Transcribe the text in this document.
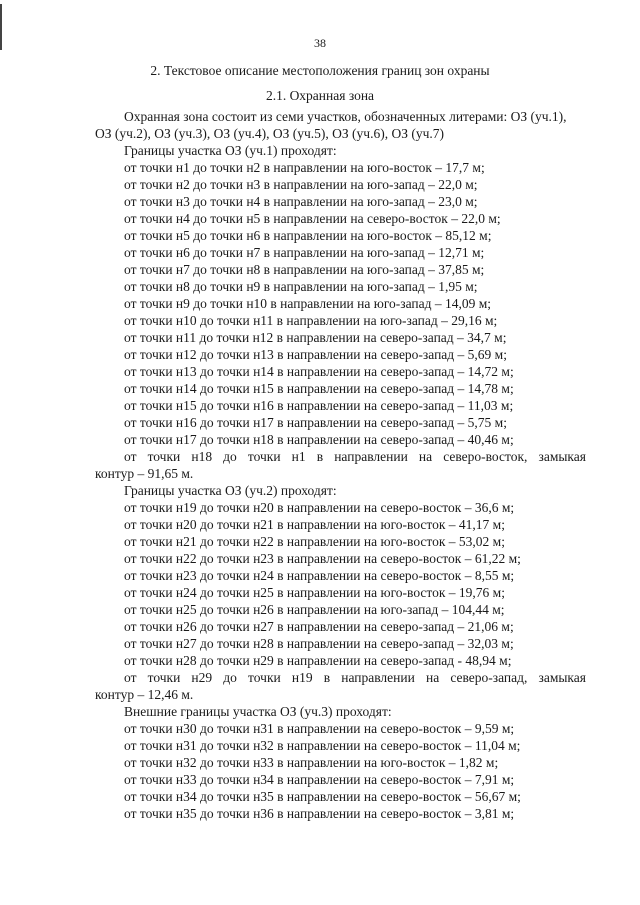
38
2. Текстовое описание местоположения границ зон охраны
2.1. Охранная зона
Охранная зона состоит из семи участков, обозначенных литерами: ОЗ (уч.1),
ОЗ (уч.2), ОЗ (уч.3), ОЗ (уч.4), ОЗ (уч.5), ОЗ (уч.6), ОЗ (уч.7)
Границы участка ОЗ (уч.1) проходят:
от точки н1 до точки н2 в направлении на юго-восток – 17,7 м;
от точки н2 до точки н3 в направлении на юго-запад – 22,0 м;
от точки н3 до точки н4 в направлении на юго-запад – 23,0 м;
от точки н4 до точки н5 в направлении на северо-восток – 22,0 м;
от точки н5 до точки н6 в направлении на юго-восток – 85,12 м;
от точки н6 до точки н7 в направлении на юго-запад – 12,71 м;
от точки н7 до точки н8 в направлении на юго-запад – 37,85 м;
от точки н8 до точки н9 в направлении на юго-запад – 1,95 м;
от точки н9 до точки н10 в направлении на юго-запад – 14,09 м;
от точки н10 до точки н11 в направлении на юго-запад – 29,16 м;
от точки н11 до точки н12 в направлении на северо-запад – 34,7 м;
от точки н12 до точки н13 в направлении на северо-запад – 5,69 м;
от точки н13 до точки н14 в направлении на северо-запад – 14,72 м;
от точки н14 до точки н15 в направлении на северо-запад – 14,78 м;
от точки н15 до точки н16 в направлении на северо-запад – 11,03 м;
от точки н16 до точки н17 в направлении на северо-запад – 5,75 м;
от точки н17 до точки н18 в направлении на северо-запад – 40,46 м;
от точки н18 до точки н1 в направлении на северо-восток, замыкая
контур – 91,65 м.
Границы участка ОЗ (уч.2) проходят:
от точки н19 до точки н20 в направлении на северо-восток – 36,6 м;
от точки н20 до точки н21 в направлении на юго-восток – 41,17 м;
от точки н21 до точки н22 в направлении на юго-восток – 53,02 м;
от точки н22 до точки н23 в направлении на северо-восток – 61,22 м;
от точки н23 до точки н24 в направлении на северо-восток – 8,55 м;
от точки н24 до точки н25 в направлении на юго-восток – 19,76 м;
от точки н25 до точки н26 в направлении на юго-запад – 104,44 м;
от точки н26 до точки н27 в направлении на северо-запад – 21,06 м;
от точки н27 до точки н28 в направлении на северо-запад – 32,03 м;
от точки н28 до точки н29 в направлении на северо-запад - 48,94 м;
от точки н29 до точки н19 в направлении на северо-запад, замыкая
контур – 12,46 м.
Внешние границы участка ОЗ (уч.3) проходят:
от точки н30 до точки н31 в направлении на северо-восток – 9,59 м;
от точки н31 до точки н32 в направлении на северо-восток – 11,04 м;
от точки н32 до точки н33 в направлении на юго-восток – 1,82 м;
от точки н33 до точки н34 в направлении на северо-восток – 7,91 м;
от точки н34 до точки н35 в направлении на северо-восток – 56,67 м;
от точки н35 до точки н36 в направлении на северо-восток – 3,81 м;
